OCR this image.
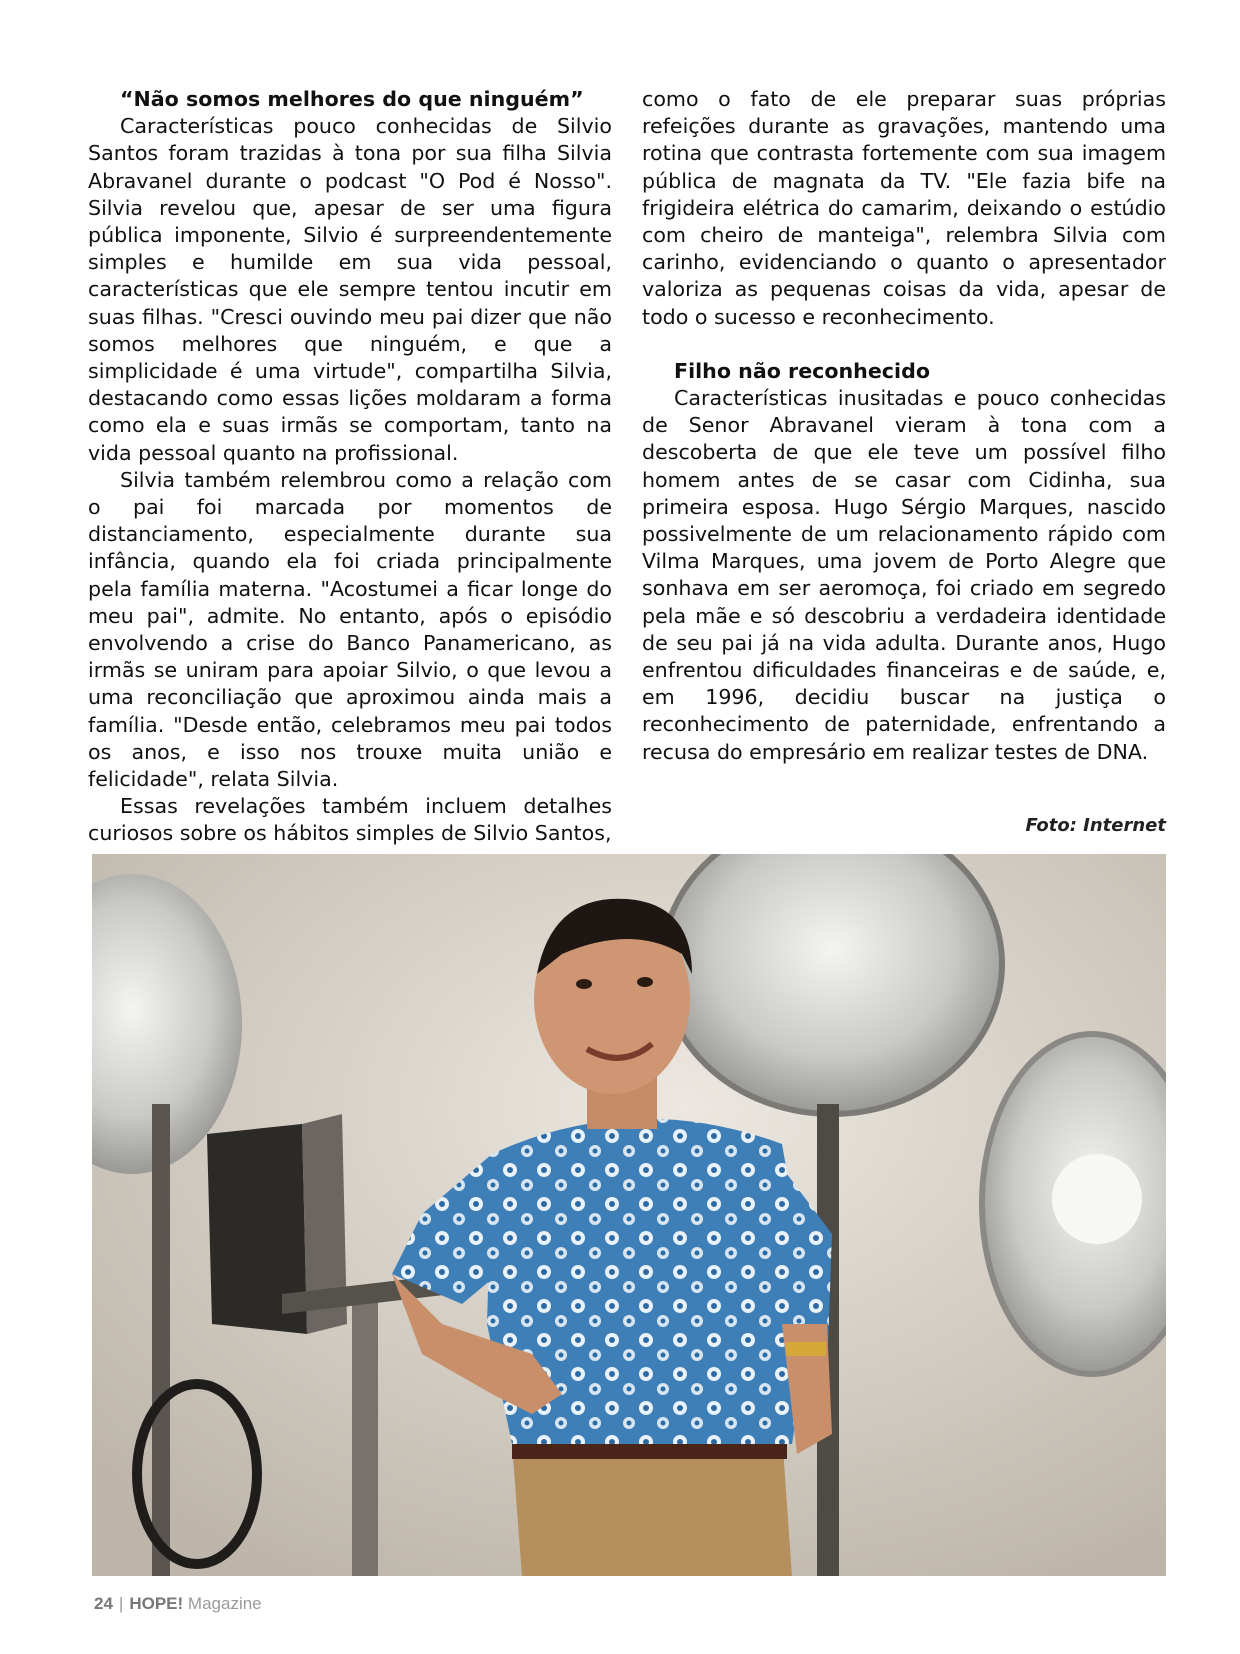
“Não somos melhores do que ninguém”

Características pouco conhecidas de Silvio Santos foram trazidas à tona por sua filha Silvia Abravanel durante o podcast "O Pod é Nosso". Silvia revelou que, apesar de ser uma figura pública imponente, Silvio é surpreendentemente simples e humilde em sua vida pessoal, características que ele sempre tentou incutir em suas filhas. "Cresci ouvindo meu pai dizer que não somos melhores que ninguém, e que a simplicidade é uma virtude", compartilha Silvia, destacando como essas lições moldaram a forma como ela e suas irmãs se comportam, tanto na vida pessoal quanto na profissional.

Silvia também relembrou como a relação com o pai foi marcada por momentos de distanciamento, especialmente durante sua infância, quando ela foi criada principalmente pela família materna. "Acostumei a ficar longe do meu pai", admite. No entanto, após o episódio envolvendo a crise do Banco Panamericano, as irmãs se uniram para apoiar Silvio, o que levou a uma reconciliação que aproximou ainda mais a família. "Desde então, celebramos meu pai todos os anos, e isso nos trouxe muita união e felicidade", relata Silvia.

Essas revelações também incluem detalhes curiosos sobre os hábitos simples de Silvio Santos,

como o fato de ele preparar suas próprias refeições durante as gravações, mantendo uma rotina que contrasta fortemente com sua imagem pública de magnata da TV. "Ele fazia bife na frigideira elétrica do camarim, deixando o estúdio com cheiro de manteiga", relembra Silvia com carinho, evidenciando o quanto o apresentador valoriza as pequenas coisas da vida, apesar de todo o sucesso e reconhecimento.

Filho não reconhecido

Características inusitadas e pouco conhecidas de Senor Abravanel vieram à tona com a descoberta de que ele teve um possível filho homem antes de se casar com Cidinha, sua primeira esposa. Hugo Sérgio Marques, nascido possivelmente de um relacionamento rápido com Vilma Marques, uma jovem de Porto Alegre que sonhava em ser aeromoça, foi criado em segredo pela mãe e só descobriu a verdadeira identidade de seu pai já na vida adulta. Durante anos, Hugo enfrentou dificuldades financeiras e de saúde, e, em 1996, decidiu buscar na justiça o reconhecimento de paternidade, enfrentando a recusa do empresário em realizar testes de DNA.

Foto: Internet
24 | HOPE! Magazine
